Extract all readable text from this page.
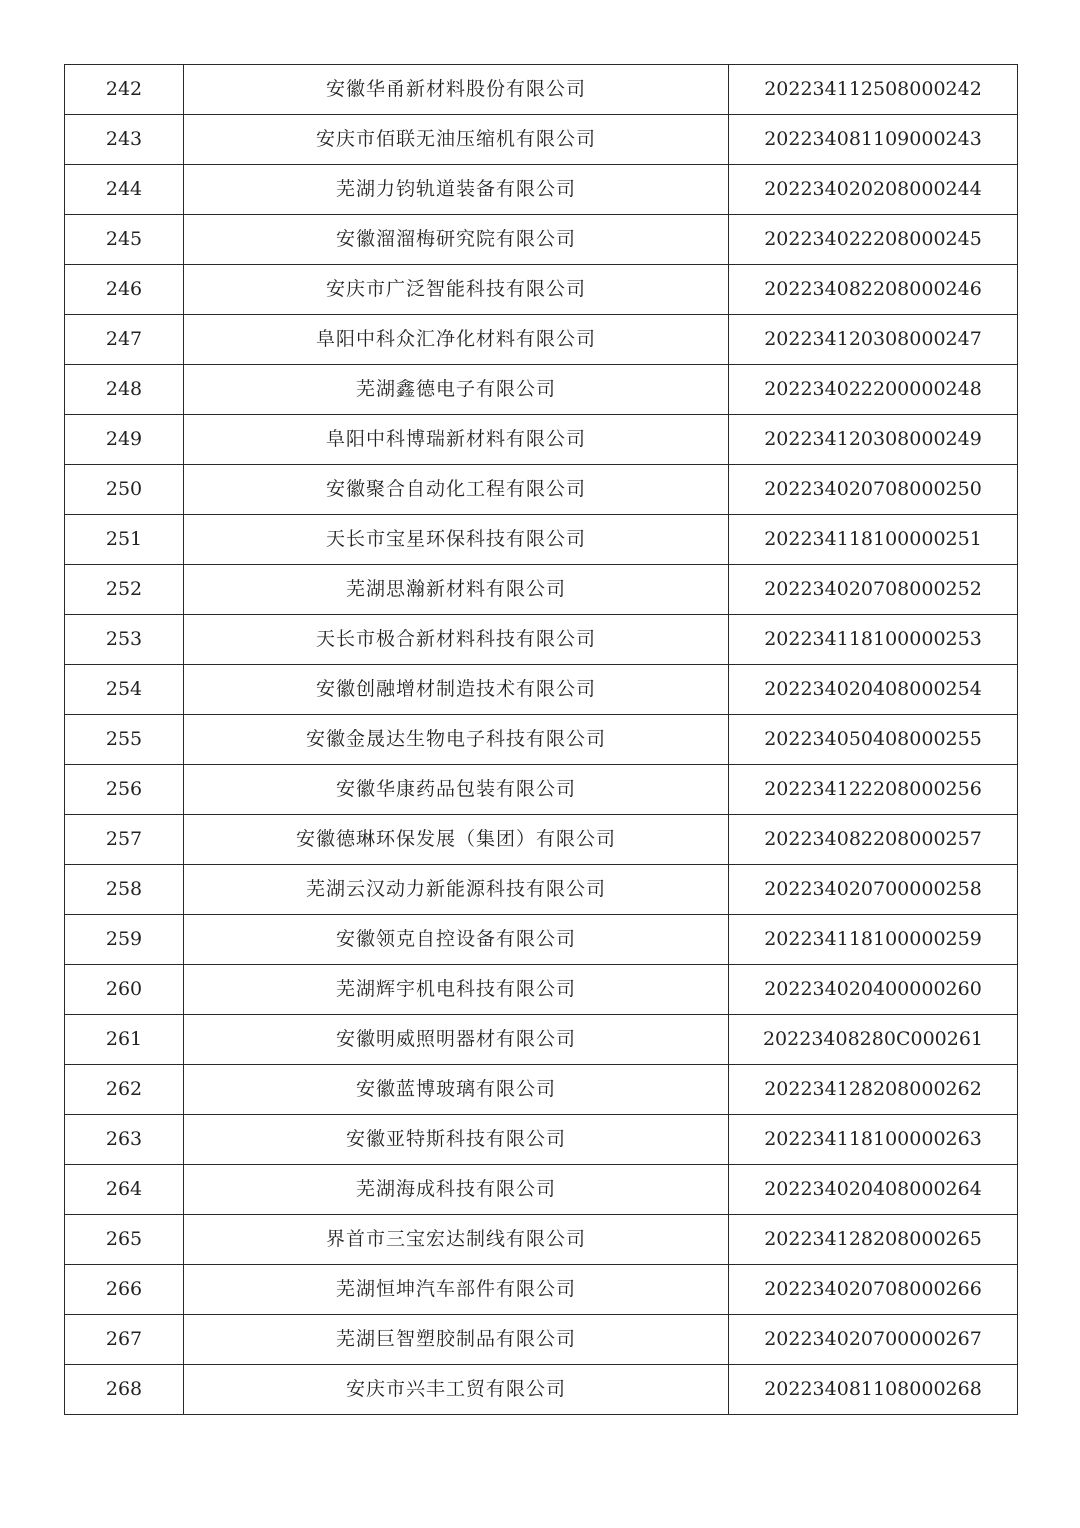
242	安徽华甬新材料股份有限公司	202234112508000242
243	安庆市佰联无油压缩机有限公司	202234081109000243
244	芜湖力钧轨道装备有限公司	202234020208000244
245	安徽溜溜梅研究院有限公司	202234022208000245
246	安庆市广泛智能科技有限公司	202234082208000246
247	阜阳中科众汇净化材料有限公司	202234120308000247
248	芜湖鑫德电子有限公司	202234022200000248
249	阜阳中科博瑞新材料有限公司	202234120308000249
250	安徽聚合自动化工程有限公司	202234020708000250
251	天长市宝星环保科技有限公司	202234118100000251
252	芜湖思瀚新材料有限公司	202234020708000252
253	天长市极合新材料科技有限公司	202234118100000253
254	安徽创融增材制造技术有限公司	202234020408000254
255	安徽金晟达生物电子科技有限公司	202234050408000255
256	安徽华康药品包装有限公司	202234122208000256
257	安徽德琳环保发展（集团）有限公司	202234082208000257
258	芜湖云汉动力新能源科技有限公司	202234020700000258
259	安徽领克自控设备有限公司	202234118100000259
260	芜湖辉宇机电科技有限公司	202234020400000260
261	安徽明威照明器材有限公司	20223408280C000261
262	安徽蓝博玻璃有限公司	202234128208000262
263	安徽亚特斯科技有限公司	202234118100000263
264	芜湖海成科技有限公司	202234020408000264
265	界首市三宝宏达制线有限公司	202234128208000265
266	芜湖恒坤汽车部件有限公司	202234020708000266
267	芜湖巨智塑胶制品有限公司	202234020700000267
268	安庆市兴丰工贸有限公司	202234081108000268
